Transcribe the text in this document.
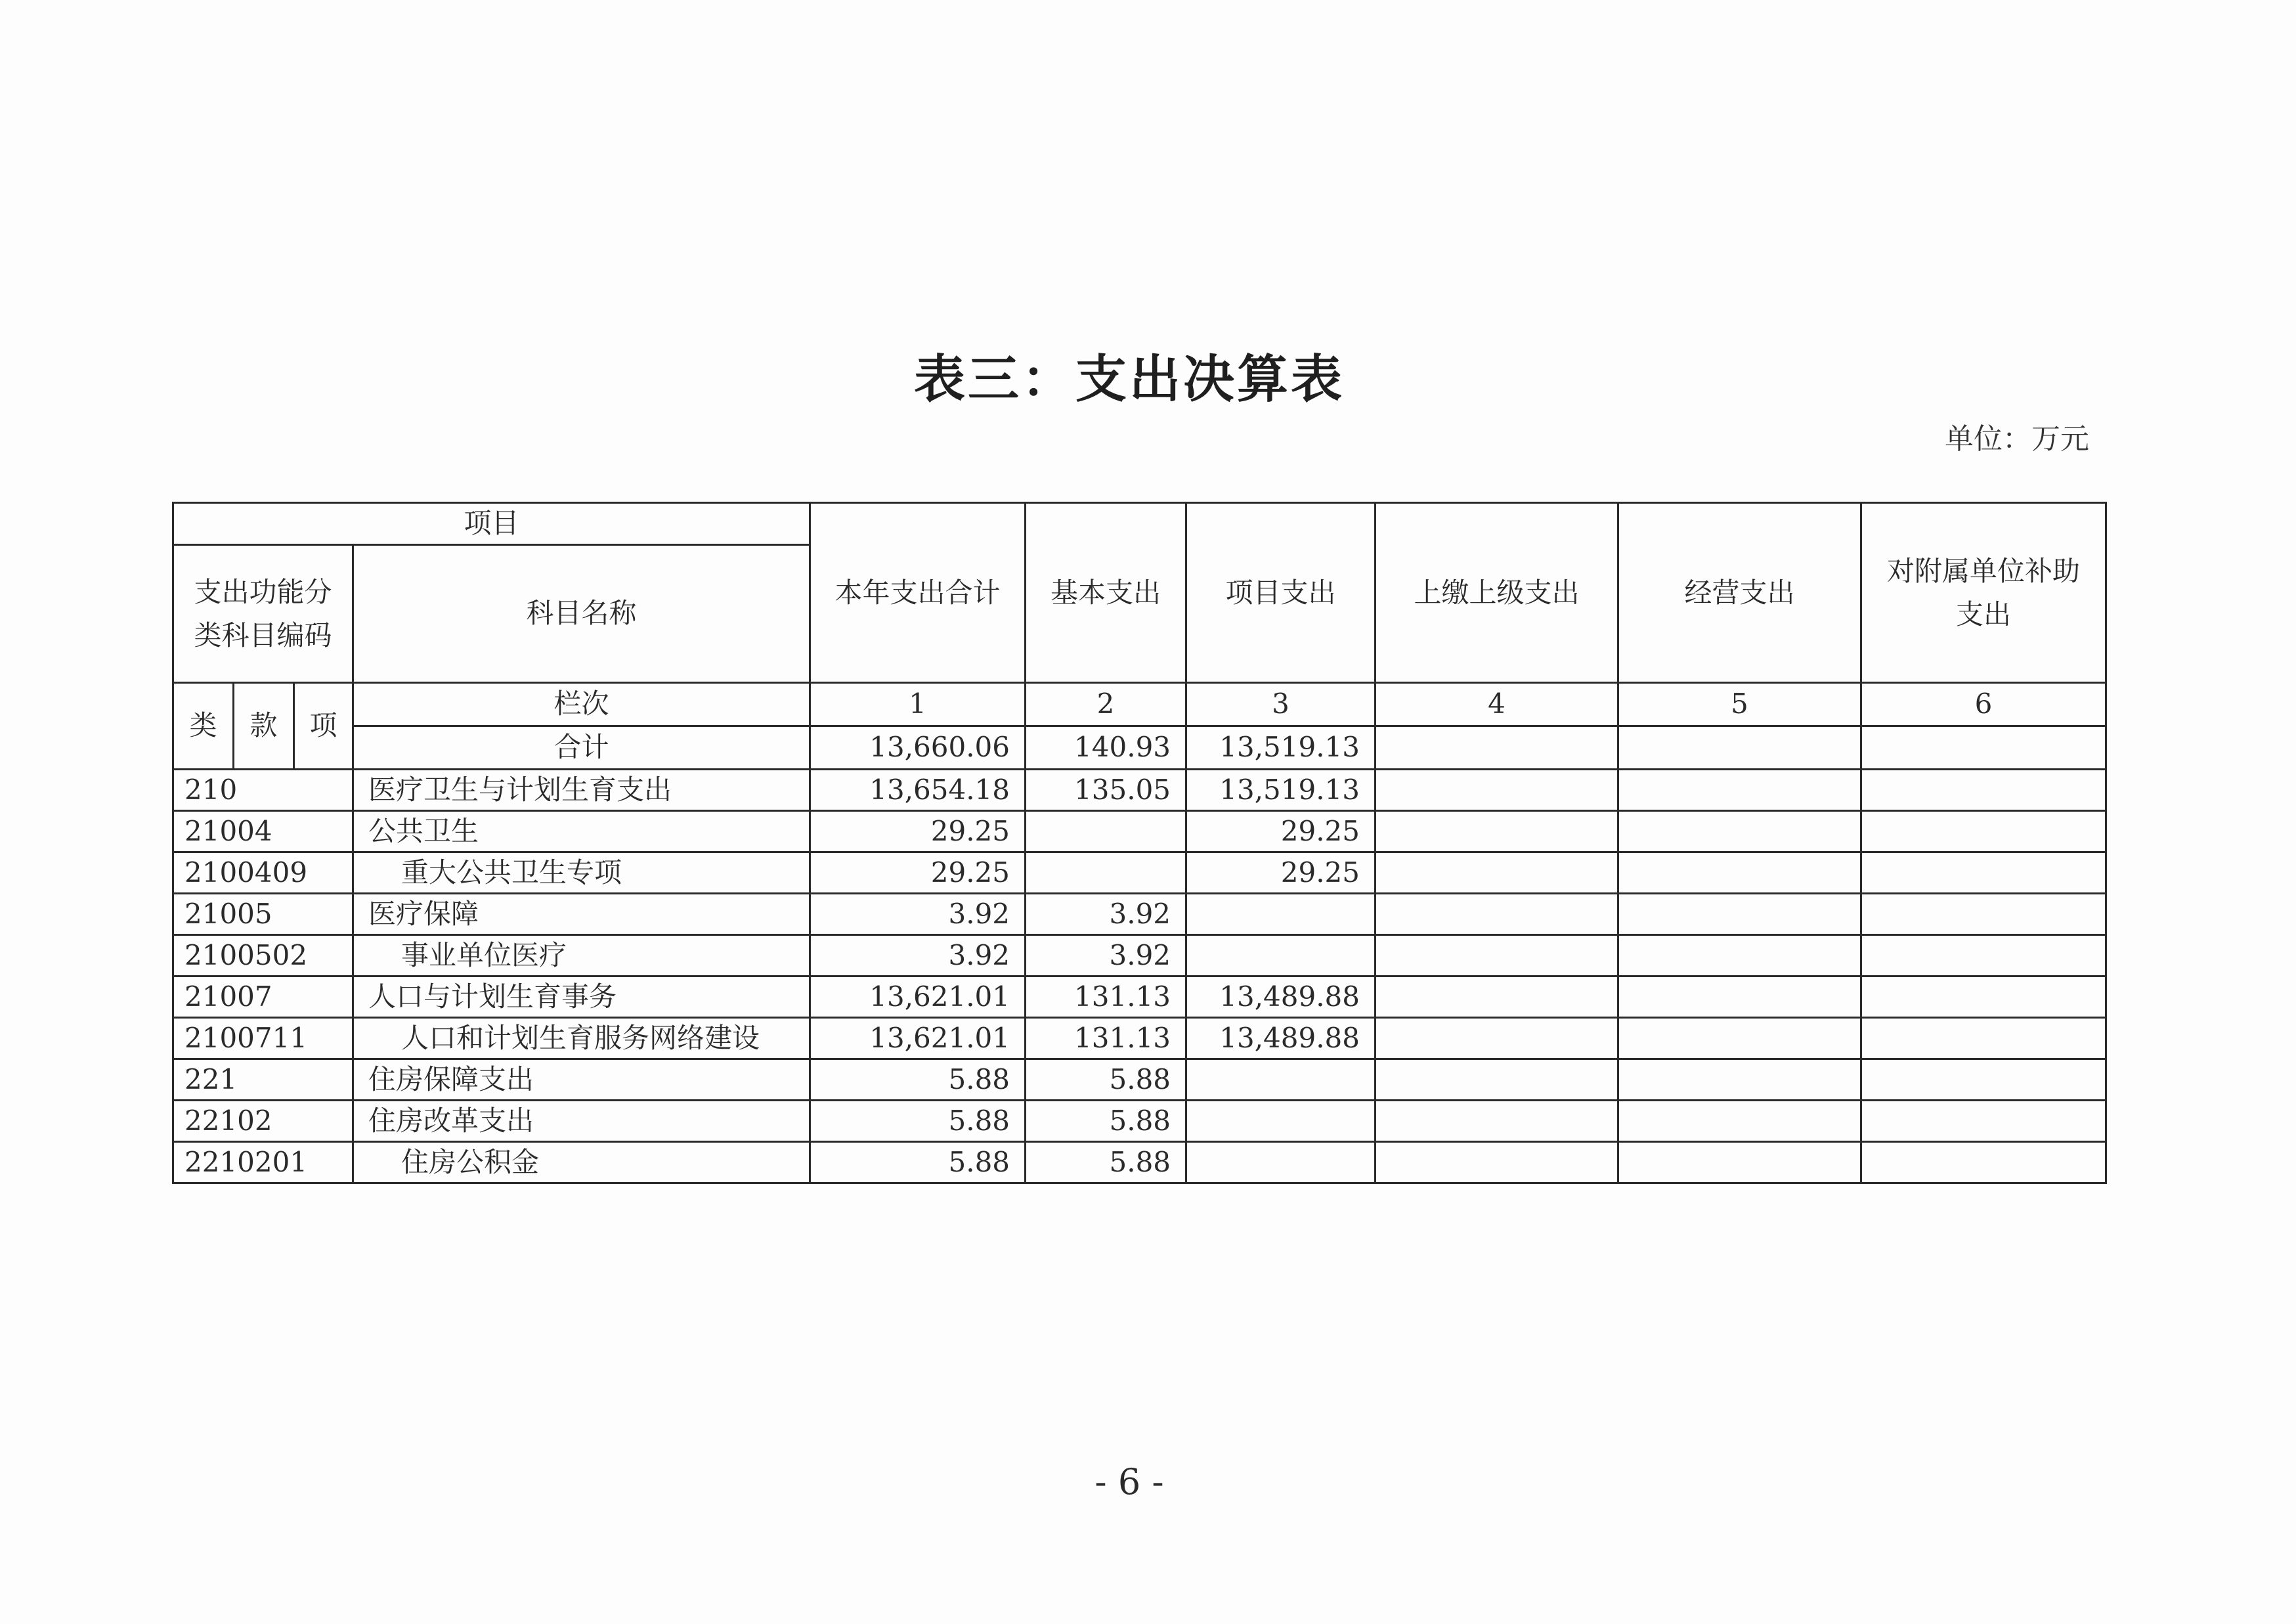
表三：支出决算表
单位：万元
项目				本年支出合计	基本支出	项目支出	上缴上级支出	经营支出	对附属单位补助支出
支出功能分类科目编码			科目名称						
类	款	项	栏次	1	2	3	4	5	6
			合计	13,660.06	140.93	13,519.13			
210			医疗卫生与计划生育支出	13,654.18	135.05	13,519.13			
21004			公共卫生	29.25		29.25			
2100409			重大公共卫生专项	29.25		29.25			
21005			医疗保障	3.92	3.92				
2100502			事业单位医疗	3.92	3.92				
21007			人口与计划生育事务	13,621.01	131.13	13,489.88			
2100711			人口和计划生育服务网络建设	13,621.01	131.13	13,489.88			
221			住房保障支出	5.88	5.88				
22102			住房改革支出	5.88	5.88				
2210201			住房公积金	5.88	5.88				
- 6 -
